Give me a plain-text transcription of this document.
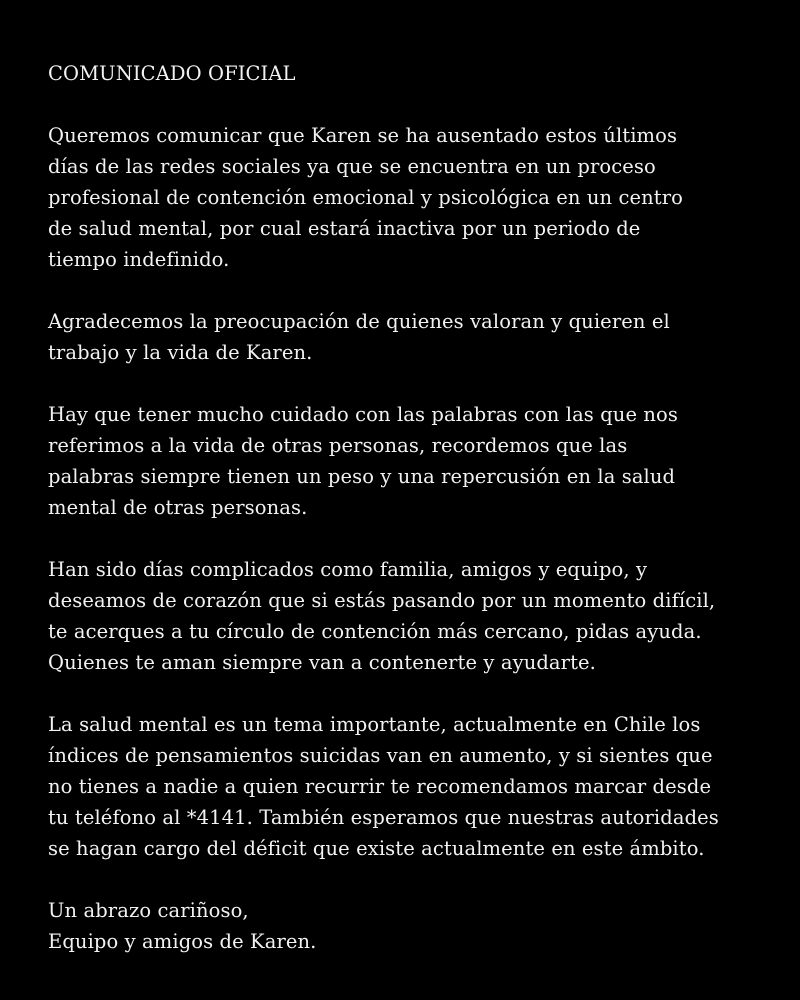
COMUNICADO OFICIAL
Queremos comunicar que Karen se ha ausentado estos últimos
días de las redes sociales ya que se encuentra en un proceso
profesional de contención emocional y psicológica en un centro
de salud mental, por cual estará inactiva por un periodo de
tiempo indefinido.
Agradecemos la preocupación de quienes valoran y quieren el
trabajo y la vida de Karen.
Hay que tener mucho cuidado con las palabras con las que nos
referimos a la vida de otras personas, recordemos que las
palabras siempre tienen un peso y una repercusión en la salud
mental de otras personas.
Han sido días complicados como familia, amigos y equipo, y
deseamos de corazón que si estás pasando por un momento difícil,
te acerques a tu círculo de contención más cercano, pidas ayuda.
Quienes te aman siempre van a contenerte y ayudarte.
La salud mental es un tema importante, actualmente en Chile los
índices de pensamientos suicidas van en aumento, y si sientes que
no tienes a nadie a quien recurrir te recomendamos marcar desde
tu teléfono al *4141. También esperamos que nuestras autoridades
se hagan cargo del déficit que existe actualmente en este ámbito.
Un abrazo cariñoso,
Equipo y amigos de Karen.
